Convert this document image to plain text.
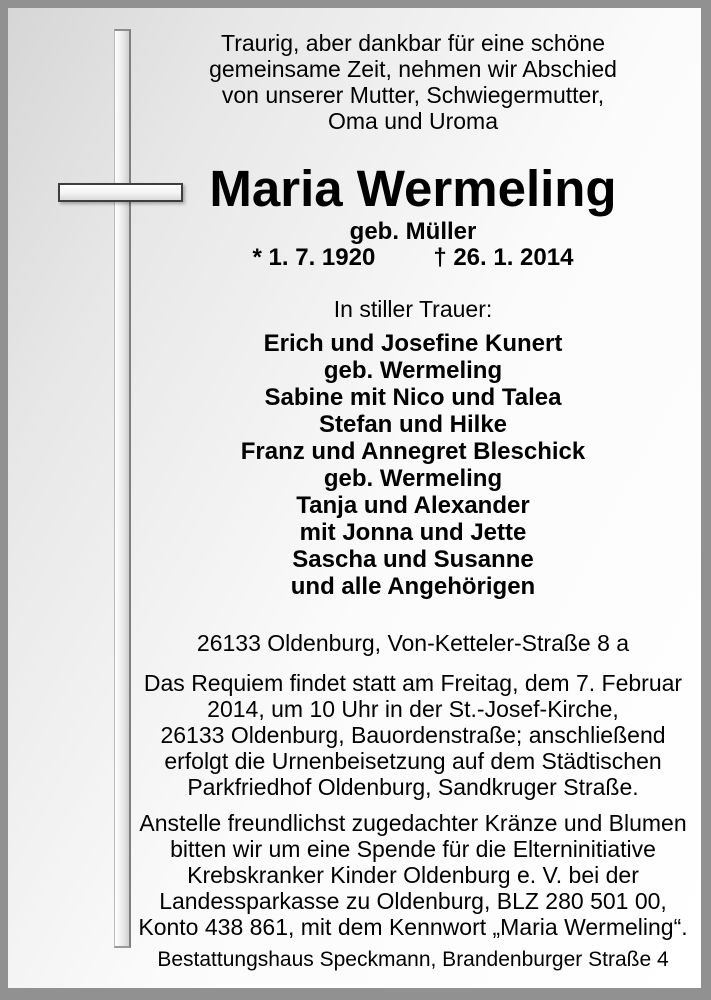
Traurig, aber dankbar für eine schöne
gemeinsame Zeit, nehmen wir Abschied
von unserer Mutter, Schwiegermutter,
Oma und Uroma
Maria Wermeling
geb. Müller
* 1. 7. 1920 † 26. 1. 2014
In stiller Trauer:
Erich und Josefine Kunert
geb. Wermeling
Sabine mit Nico und Talea
Stefan und Hilke
Franz und Annegret Bleschick
geb. Wermeling
Tanja und Alexander
mit Jonna und Jette
Sascha und Susanne
und alle Angehörigen
26133 Oldenburg, Von-Ketteler-Straße 8 a
Das Requiem findet statt am Freitag, dem 7. Februar
2014, um 10 Uhr in der St.-Josef-Kirche,
26133 Oldenburg, Bauordenstraße; anschließend
erfolgt die Urnenbeisetzung auf dem Städtischen
Parkfriedhof Oldenburg, Sandkruger Straße.
Anstelle freundlichst zugedachter Kränze und Blumen
bitten wir um eine Spende für die Elterninitiative
Krebskranker Kinder Oldenburg e. V. bei der
Landessparkasse zu Oldenburg, BLZ 280 501 00,
Konto 438 861, mit dem Kennwort „Maria Wermeling“.
Bestattungshaus Speckmann, Brandenburger Straße 4
